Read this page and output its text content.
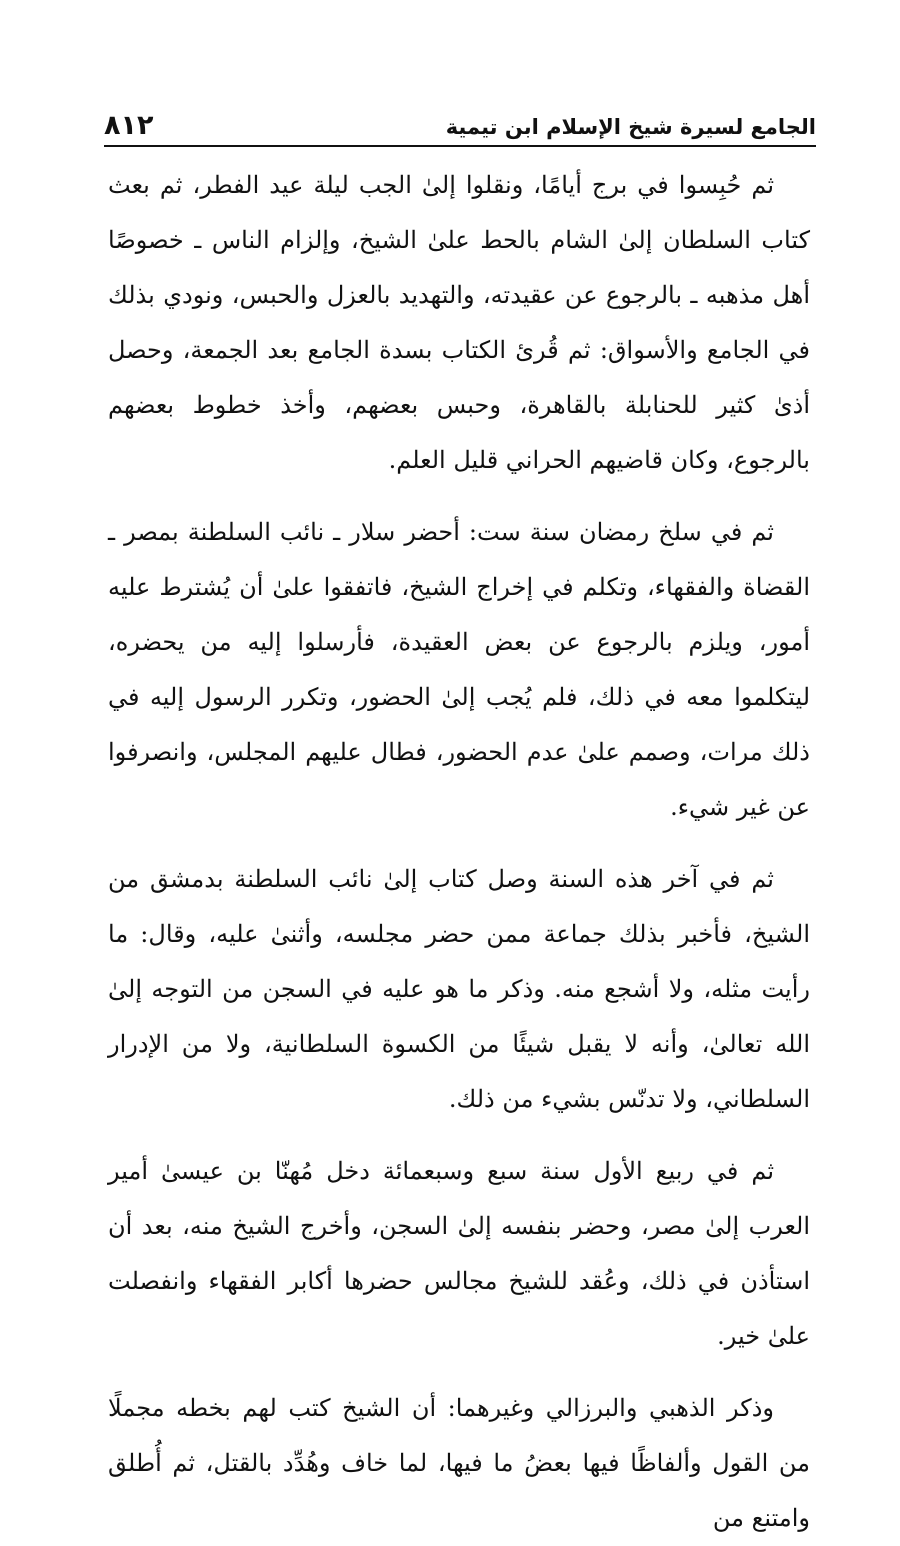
الجامع لسيرة شيخ الإسلام ابن تيمية
٨١٢

ثم حُبِسوا في برج أيامًا، ونقلوا إلىٰ الجب ليلة عيد الفطر، ثم بعث كتاب السلطان إلىٰ الشام بالحط علىٰ الشيخ، وإلزام الناس ـ خصوصًا أهل مذهبه ـ بالرجوع عن عقيدته، والتهديد بالعزل والحبس، ونودي بذلك في الجامع والأسواق: ثم قُرئ الكتاب بسدة الجامع بعد الجمعة، وحصل أذىٰ كثير للحنابلة بالقاهرة، وحبس بعضهم، وأخذ خطوط بعضهم بالرجوع، وكان قاضيهم الحراني قليل العلم.

ثم في سلخ رمضان سنة ست: أحضر سلار ـ نائب السلطنة بمصر ـ القضاة والفقهاء، وتكلم في إخراج الشيخ، فاتفقوا علىٰ أن يُشترط عليه أمور، ويلزم بالرجوع عن بعض العقيدة، فأرسلوا إليه من يحضره، ليتكلموا معه في ذلك، فلم يُجب إلىٰ الحضور، وتكرر الرسول إليه في ذلك مرات، وصمم علىٰ عدم الحضور، فطال عليهم المجلس، وانصرفوا عن غير شيء.

ثم في آخر هذه السنة وصل كتاب إلىٰ نائب السلطنة بدمشق من الشيخ، فأخبر بذلك جماعة ممن حضر مجلسه، وأثنىٰ عليه، وقال: ما رأيت مثله، ولا أشجع منه. وذكر ما هو عليه في السجن من التوجه إلىٰ الله تعالىٰ، وأنه لا يقبل شيئًا من الكسوة السلطانية، ولا من الإدرار السلطاني، ولا تدنّس بشيء من ذلك.

ثم في ربيع الأول سنة سبع وسبعمائة دخل مُهنّا بن عيسىٰ أمير العرب إلىٰ مصر، وحضر بنفسه إلىٰ السجن، وأخرج الشيخ منه، بعد أن استأذن في ذلك، وعُقد للشيخ مجالس حضرها أكابر الفقهاء وانفصلت علىٰ خير.

وذكر الذهبي والبرزالي وغيرهما: أن الشيخ كتب لهم بخطه مجملًا من القول وألفاظًا فيها بعضُ ما فيها، لما خاف وهُدِّد بالقتل، ثم أُطلق وامتنع من
